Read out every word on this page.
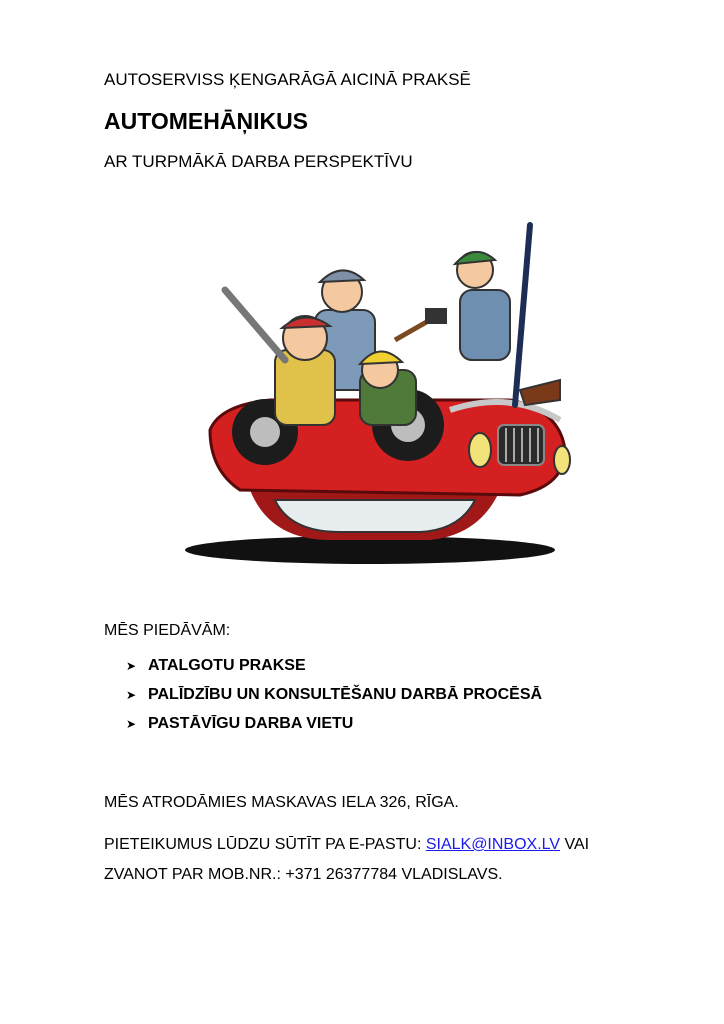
AUTOSERVISS ĶENGARĀGĀ AICINĀ PRAKSĒ

AUTOMEHĀŅIKUS

AR TURPMĀKĀ DARBA PERSPEKTĪVU

MĒS PIEDĀVĀM:

➤ ATALGOTU PRAKSE
➤ PALĪDZĪBU UN KONSULTĒŠANU DARBĀ PROCĒSĀ
➤ PASTĀVĪGU DARBA VIETU

MĒS ATRODĀMIES MASKAVAS IELA 326, RĪGA.

PIETEIKUMUS LŪDZU SŪTĪT PA E-PASTU: SIALK@INBOX.LV VAI

ZVANOT PAR MOB.NR.: +371 26377784 VLADISLAVS.
